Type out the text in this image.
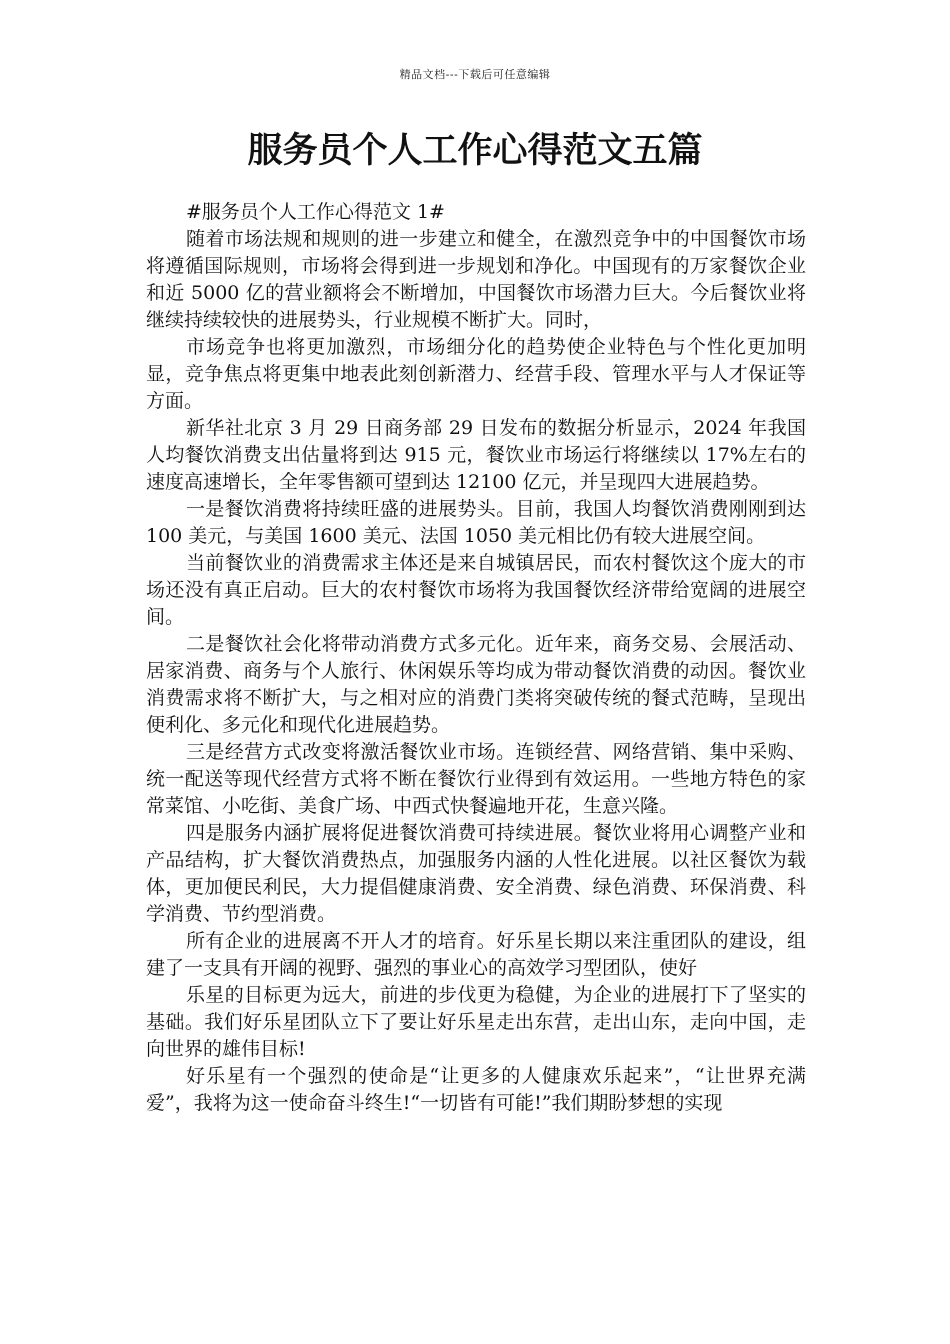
精品文档---下载后可任意编辑
服务员个人工作心得范文五篇

#服务员个人工作心得范文 1#

随着市场法规和规则的进一步建立和健全，在激烈竞争中的中国餐饮市场将遵循国际规则，市场将会得到进一步规划和净化。中国现有的万家餐饮企业和近 5000 亿的营业额将会不断增加，中国餐饮市场潜力巨大。今后餐饮业将继续持续较快的进展势头，行业规模不断扩大。同时，

市场竞争也将更加激烈，市场细分化的趋势使企业特色与个性化更加明显，竞争焦点将更集中地表此刻创新潜力、经营手段、管理水平与人才保证等方面。

新华社北京 3 月 29 日商务部 29 日发布的数据分析显示，2024 年我国人均餐饮消费支出估量将到达 915 元，餐饮业市场运行将继续以 17%左右的速度高速增长，全年零售额可望到达 12100 亿元，并呈现四大进展趋势。

一是餐饮消费将持续旺盛的进展势头。目前，我国人均餐饮消费刚刚到达 100 美元，与美国 1600 美元、法国 1050 美元相比仍有较大进展空间。

当前餐饮业的消费需求主体还是来自城镇居民，而农村餐饮这个庞大的市场还没有真正启动。巨大的农村餐饮市场将为我国餐饮经济带给宽阔的进展空间。

二是餐饮社会化将带动消费方式多元化。近年来，商务交易、会展活动、居家消费、商务与个人旅行、休闲娱乐等均成为带动餐饮消费的动因。餐饮业消费需求将不断扩大，与之相对应的消费门类将突破传统的餐式范畴，呈现出便利化、多元化和现代化进展趋势。

三是经营方式改变将激活餐饮业市场。连锁经营、网络营销、集中采购、统一配送等现代经营方式将不断在餐饮行业得到有效运用。一些地方特色的家常菜馆、小吃街、美食广场、中西式快餐遍地开花，生意兴隆。

四是服务内涵扩展将促进餐饮消费可持续进展。餐饮业将用心调整产业和产品结构，扩大餐饮消费热点，加强服务内涵的人性化进展。以社区餐饮为载体，更加便民利民，大力提倡健康消费、安全消费、绿色消费、环保消费、科学消费、节约型消费。

所有企业的进展离不开人才的培育。好乐星长期以来注重团队的建设，组建了一支具有开阔的视野、强烈的事业心的高效学习型团队，使好

乐星的目标更为远大，前进的步伐更为稳健，为企业的进展打下了坚实的基础。我们好乐星团队立下了要让好乐星走出东营，走出山东，走向中国，走向世界的雄伟目标!

好乐星有一个强烈的使命是“让更多的人健康欢乐起来”，“让世界充满爱”，我将为这一使命奋斗终生!“一切皆有可能!”我们期盼梦想的实现
